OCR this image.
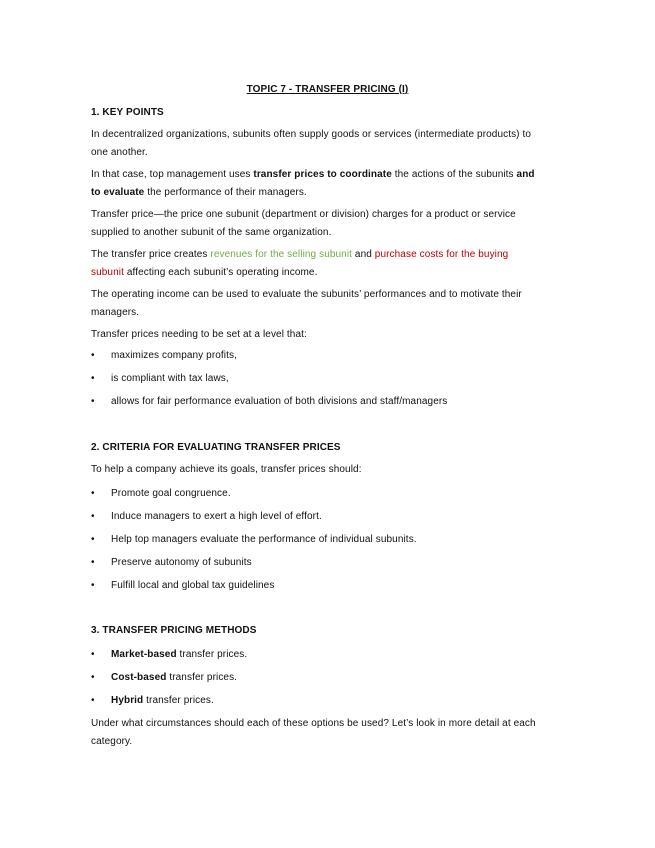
TOPIC 7 - TRANSFER PRICING (I)
1. KEY POINTS
In decentralized organizations, subunits often supply goods or services (intermediate products) to
one another.
In that case, top management uses transfer prices to coordinate the actions of the subunits and
to evaluate the performance of their managers.
Transfer price—the price one subunit (department or division) charges for a product or service
supplied to another subunit of the same organization.
The transfer price creates revenues for the selling subunit and purchase costs for the buying
subunit affecting each subunit’s operating income.
The operating income can be used to evaluate the subunits’ performances and to motivate their
managers.
Transfer prices needing to be set at a level that:
• maximizes company profits,
• is compliant with tax laws,
• allows for fair performance evaluation of both divisions and staff/managers
2. CRITERIA FOR EVALUATING TRANSFER PRICES
To help a company achieve its goals, transfer prices should:
• Promote goal congruence.
• Induce managers to exert a high level of effort.
• Help top managers evaluate the performance of individual subunits.
• Preserve autonomy of subunits
• Fulfill local and global tax guidelines
3. TRANSFER PRICING METHODS
• Market-based transfer prices.
• Cost-based transfer prices.
• Hybrid transfer prices.
Under what circumstances should each of these options be used? Let’s look in more detail at each
category.
